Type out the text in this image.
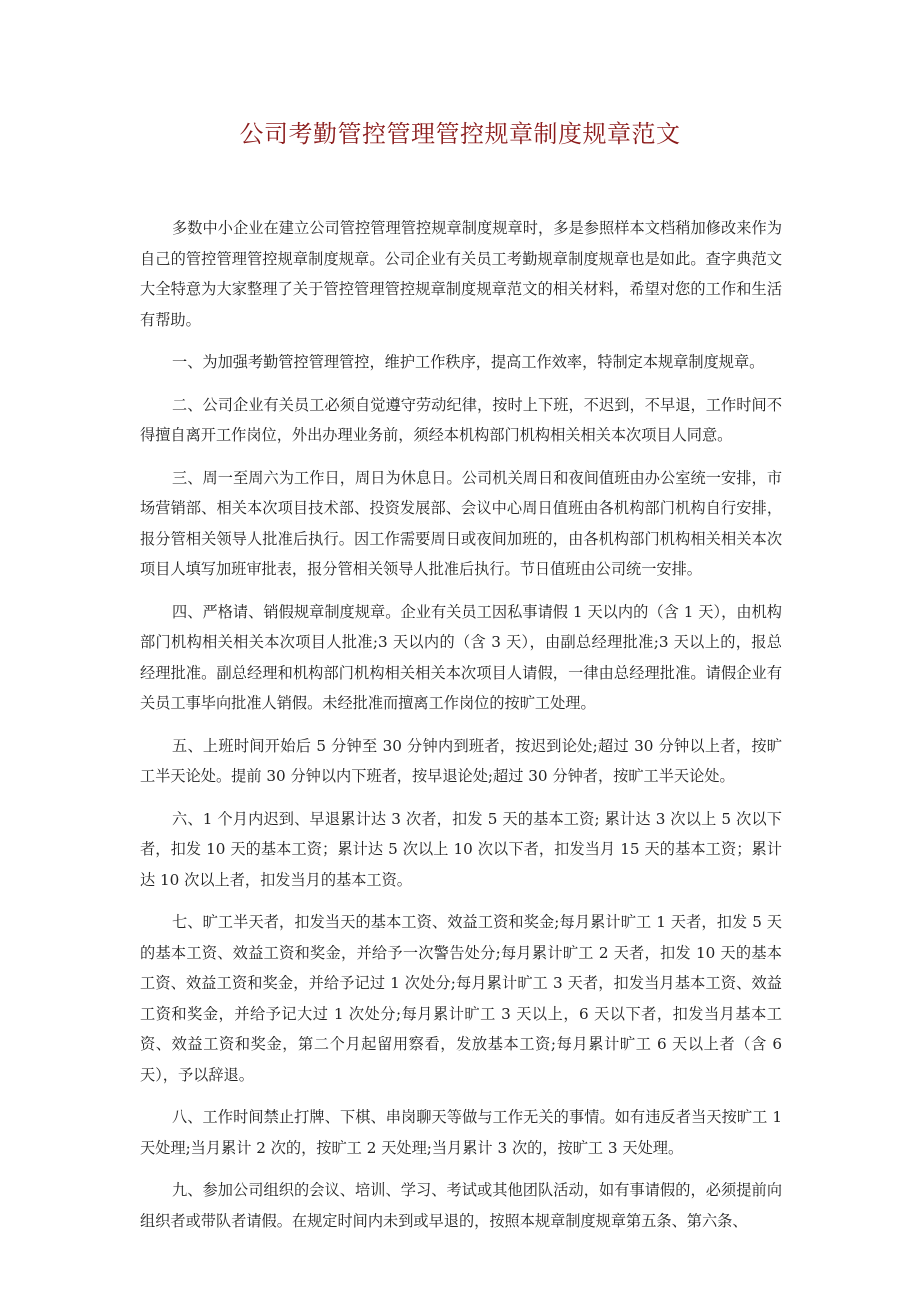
公司考勤管控管理管控规章制度规章范文

多数中小企业在建立公司管控管理管控规章制度规章时，多是参照样本文档稍加修改来作为自己的管控管理管控规章制度规章。公司企业有关员工考勤规章制度规章也是如此。查字典范文大全特意为大家整理了关于管控管理管控规章制度规章范文的相关材料，希望对您的工作和生活有帮助。

一、为加强考勤管控管理管控，维护工作秩序，提高工作效率，特制定本规章制度规章。

二、公司企业有关员工必须自觉遵守劳动纪律，按时上下班，不迟到，不早退，工作时间不得擅自离开工作岗位，外出办理业务前，须经本机构部门机构相关相关本次项目人同意。

三、周一至周六为工作日，周日为休息日。公司机关周日和夜间值班由办公室统一安排，市场营销部、相关本次项目技术部、投资发展部、会议中心周日值班由各机构部门机构自行安排，报分管相关领导人批准后执行。因工作需要周日或夜间加班的，由各机构部门机构相关相关本次项目人填写加班审批表，报分管相关领导人批准后执行。节日值班由公司统一安排。

四、严格请、销假规章制度规章。企业有关员工因私事请假 1 天以内的（含 1 天），由机构部门机构相关相关本次项目人批准;3 天以内的（含 3 天），由副总经理批准;3 天以上的，报总经理批准。副总经理和机构部门机构相关相关本次项目人请假，一律由总经理批准。请假企业有关员工事毕向批准人销假。未经批准而擅离工作岗位的按旷工处理。

五、上班时间开始后 5 分钟至 30 分钟内到班者，按迟到论处;超过 30 分钟以上者，按旷工半天论处。提前 30 分钟以内下班者，按早退论处;超过 30 分钟者，按旷工半天论处。

六、1 个月内迟到、早退累计达 3 次者，扣发 5 天的基本工资; 累计达 3 次以上 5 次以下者，扣发 10 天的基本工资；累计达 5 次以上 10 次以下者，扣发当月 15 天的基本工资；累计达 10 次以上者，扣发当月的基本工资。

七、旷工半天者，扣发当天的基本工资、效益工资和奖金;每月累计旷工 1 天者，扣发 5 天的基本工资、效益工资和奖金，并给予一次警告处分;每月累计旷工 2 天者，扣发 10 天的基本工资、效益工资和奖金，并给予记过 1 次处分;每月累计旷工 3 天者，扣发当月基本工资、效益工资和奖金，并给予记大过 1 次处分;每月累计旷工 3 天以上，6 天以下者，扣发当月基本工资、效益工资和奖金，第二个月起留用察看，发放基本工资;每月累计旷工 6 天以上者（含 6 天），予以辞退。

八、工作时间禁止打牌、下棋、串岗聊天等做与工作无关的事情。如有违反者当天按旷工 1 天处理;当月累计 2 次的，按旷工 2 天处理;当月累计 3 次的，按旷工 3 天处理。

九、参加公司组织的会议、培训、学习、考试或其他团队活动，如有事请假的，必须提前向组织者或带队者请假。在规定时间内未到或早退的，按照本规章制度规章第五条、第六条、
